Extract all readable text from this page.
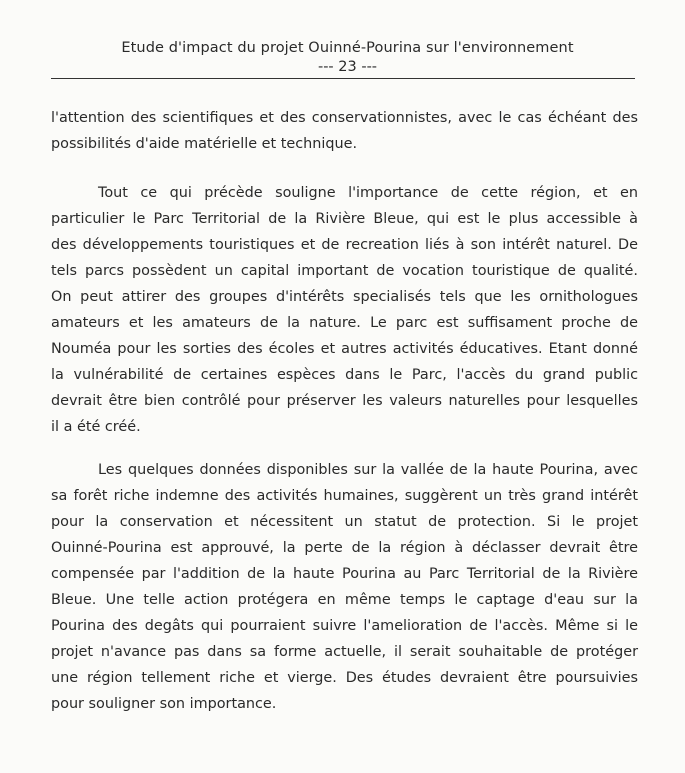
Etude d'impact du projet Ouinné-Pourina sur l'environnement
--- 23 ---
l'attention des scientifiques et des conservationnistes, avec le cas échéant des
possibilités d'aide matérielle et technique.
Tout ce qui précède souligne l'importance de cette région, et en
particulier le Parc Territorial de la Rivière Bleue, qui est le plus accessible à
des développements touristiques et de recreation liés à son intérêt naturel. De
tels parcs possèdent un capital important de vocation touristique de qualité.
On peut attirer des groupes d'intérêts specialisés tels que les ornithologues
amateurs et les amateurs de la nature. Le parc est suffisament proche de
Nouméa pour les sorties des écoles et autres activités éducatives. Etant donné
la vulnérabilité de certaines espèces dans le Parc, l'accès du grand public
devrait être bien contrôlé pour préserver les valeurs naturelles pour lesquelles
il a été créé.
Les quelques données disponibles sur la vallée de la haute Pourina, avec
sa forêt riche indemne des activités humaines, suggèrent un très grand intérêt
pour la conservation et nécessitent un statut de protection. Si le projet
Ouinné-Pourina est approuvé, la perte de la région à déclasser devrait être
compensée par l'addition de la haute Pourina au Parc Territorial de la Rivière
Bleue. Une telle action protégera en même temps le captage d'eau sur la
Pourina des degâts qui pourraient suivre l'amelioration de l'accès. Même si le
projet n'avance pas dans sa forme actuelle, il serait souhaitable de protéger
une région tellement riche et vierge. Des études devraient être poursuivies
pour souligner son importance.
